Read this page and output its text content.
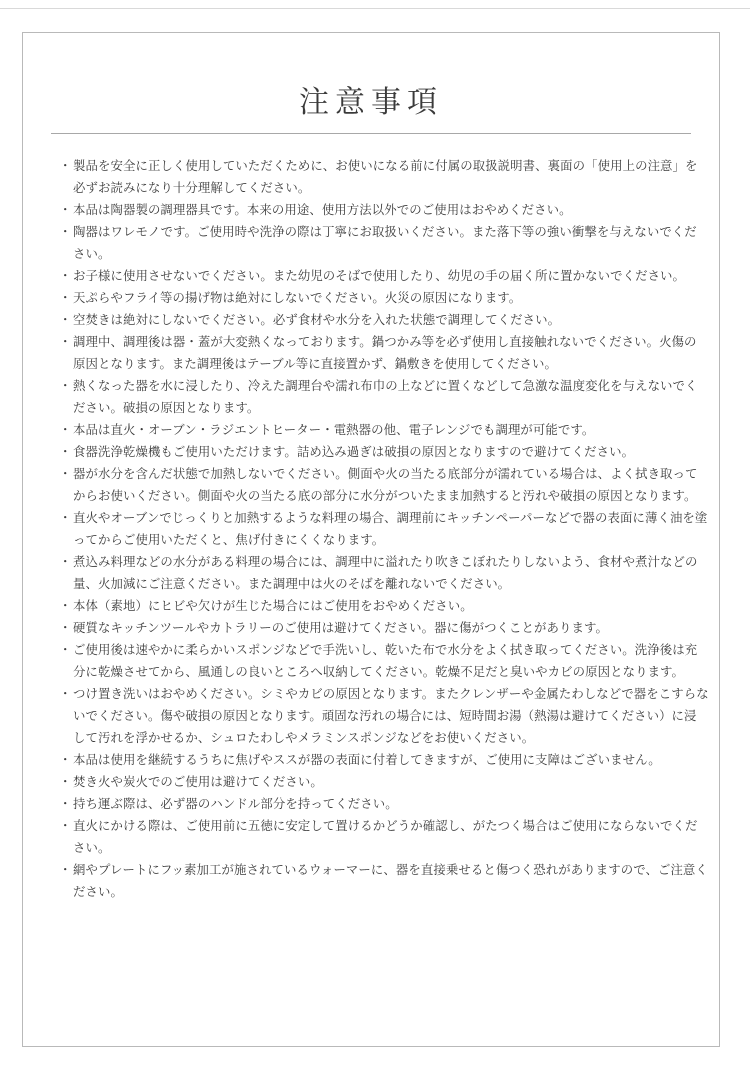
注意事項
・ 製品を安全に正しく使用していただくために、お使いになる前に付属の取扱説明書、裏面の「使用上の注意」を必ずお読みになり十分理解してください。
・ 本品は陶器製の調理器具です。本来の用途、使用方法以外でのご使用はおやめください。
・ 陶器はワレモノです。ご使用時や洗浄の際は丁寧にお取扱いください。また落下等の強い衝撃を与えないでください。
・ お子様に使用させないでください。また幼児のそばで使用したり、幼児の手の届く所に置かないでください。
・ 天ぷらやフライ等の揚げ物は絶対にしないでください。火災の原因になります。
・ 空焚きは絶対にしないでください。必ず食材や水分を入れた状態で調理してください。
・ 調理中、調理後は器・蓋が大変熱くなっております。鍋つかみ等を必ず使用し直接触れないでください。火傷の原因となります。また調理後はテーブル等に直接置かず、鍋敷きを使用してください。
・ 熱くなった器を水に浸したり、冷えた調理台や濡れ布巾の上などに置くなどして急激な温度変化を与えないでください。破損の原因となります。
・ 本品は直火・オーブン・ラジエントヒーター・電熱器の他、電子レンジでも調理が可能です。
・ 食器洗浄乾燥機もご使用いただけます。詰め込み過ぎは破損の原因となりますので避けてください。
・ 器が水分を含んだ状態で加熱しないでください。側面や火の当たる底部分が濡れている場合は、よく拭き取ってからお使いください。側面や火の当たる底の部分に水分がついたまま加熱すると汚れや破損の原因となります。
・ 直火やオーブンでじっくりと加熱するような料理の場合、調理前にキッチンペーパーなどで器の表面に薄く油を塗ってからご使用いただくと、焦げ付きにくくなります。
・ 煮込み料理などの水分がある料理の場合には、調理中に溢れたり吹きこぼれたりしないよう、食材や煮汁などの量、火加減にご注意ください。また調理中は火のそばを離れないでください。
・ 本体（素地）にヒビや欠けが生じた場合にはご使用をおやめください。
・ 硬質なキッチンツールやカトラリーのご使用は避けてください。器に傷がつくことがあります。
・ ご使用後は速やかに柔らかいスポンジなどで手洗いし、乾いた布で水分をよく拭き取ってください。洗浄後は充分に乾燥させてから、風通しの良いところへ収納してください。乾燥不足だと臭いやカビの原因となります。
・ つけ置き洗いはおやめください。シミやカビの原因となります。またクレンザーや金属たわしなどで器をこすらないでください。傷や破損の原因となります。頑固な汚れの場合には、短時間お湯（熱湯は避けてください）に浸して汚れを浮かせるか、シュロたわしやメラミンスポンジなどをお使いください。
・ 本品は使用を継続するうちに焦げやススが器の表面に付着してきますが、ご使用に支障はございません。
・ 焚き火や炭火でのご使用は避けてください。
・ 持ち運ぶ際は、必ず器のハンドル部分を持ってください。
・ 直火にかける際は、ご使用前に五徳に安定して置けるかどうか確認し、がたつく場合はご使用にならないでください。
・ 網やプレートにフッ素加工が施されているウォーマーに、器を直接乗せると傷つく恐れがありますので、ご注意ください。
